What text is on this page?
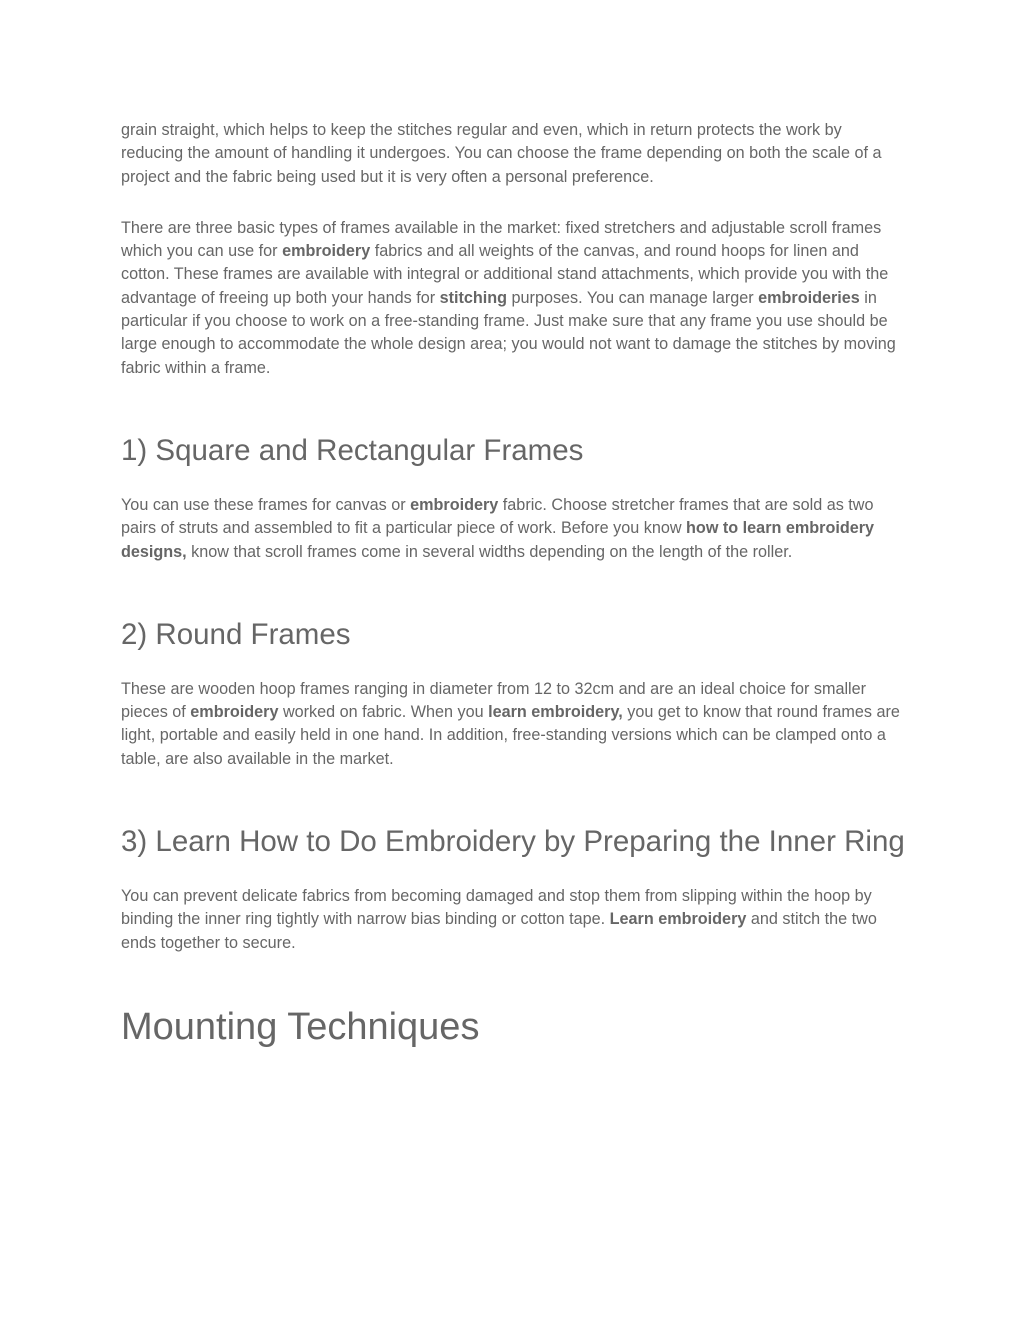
grain straight, which helps to keep the stitches regular and even, which in return protects the work by reducing the amount of handling it undergoes. You can choose the frame depending on both the scale of a project and the fabric being used but it is very often a personal preference.

There are three basic types of frames available in the market: fixed stretchers and adjustable scroll frames which you can use for embroidery fabrics and all weights of the canvas, and round hoops for linen and cotton. These frames are available with integral or additional stand attachments, which provide you with the advantage of freeing up both your hands for stitching purposes. You can manage larger embroideries in particular if you choose to work on a free-standing frame. Just make sure that any frame you use should be large enough to accommodate the whole design area; you would not want to damage the stitches by moving fabric within a frame.

1) Square and Rectangular Frames

You can use these frames for canvas or embroidery fabric. Choose stretcher frames that are sold as two pairs of struts and assembled to fit a particular piece of work. Before you know how to learn embroidery designs, know that scroll frames come in several widths depending on the length of the roller.

2) Round Frames

These are wooden hoop frames ranging in diameter from 12 to 32cm and are an ideal choice for smaller pieces of embroidery worked on fabric. When you learn embroidery, you get to know that round frames are light, portable and easily held in one hand. In addition, free-standing versions which can be clamped onto a table, are also available in the market.

3) Learn How to Do Embroidery by Preparing the Inner Ring

You can prevent delicate fabrics from becoming damaged and stop them from slipping within the hoop by binding the inner ring tightly with narrow bias binding or cotton tape. Learn embroidery and stitch the two ends together to secure.

Mounting Techniques
